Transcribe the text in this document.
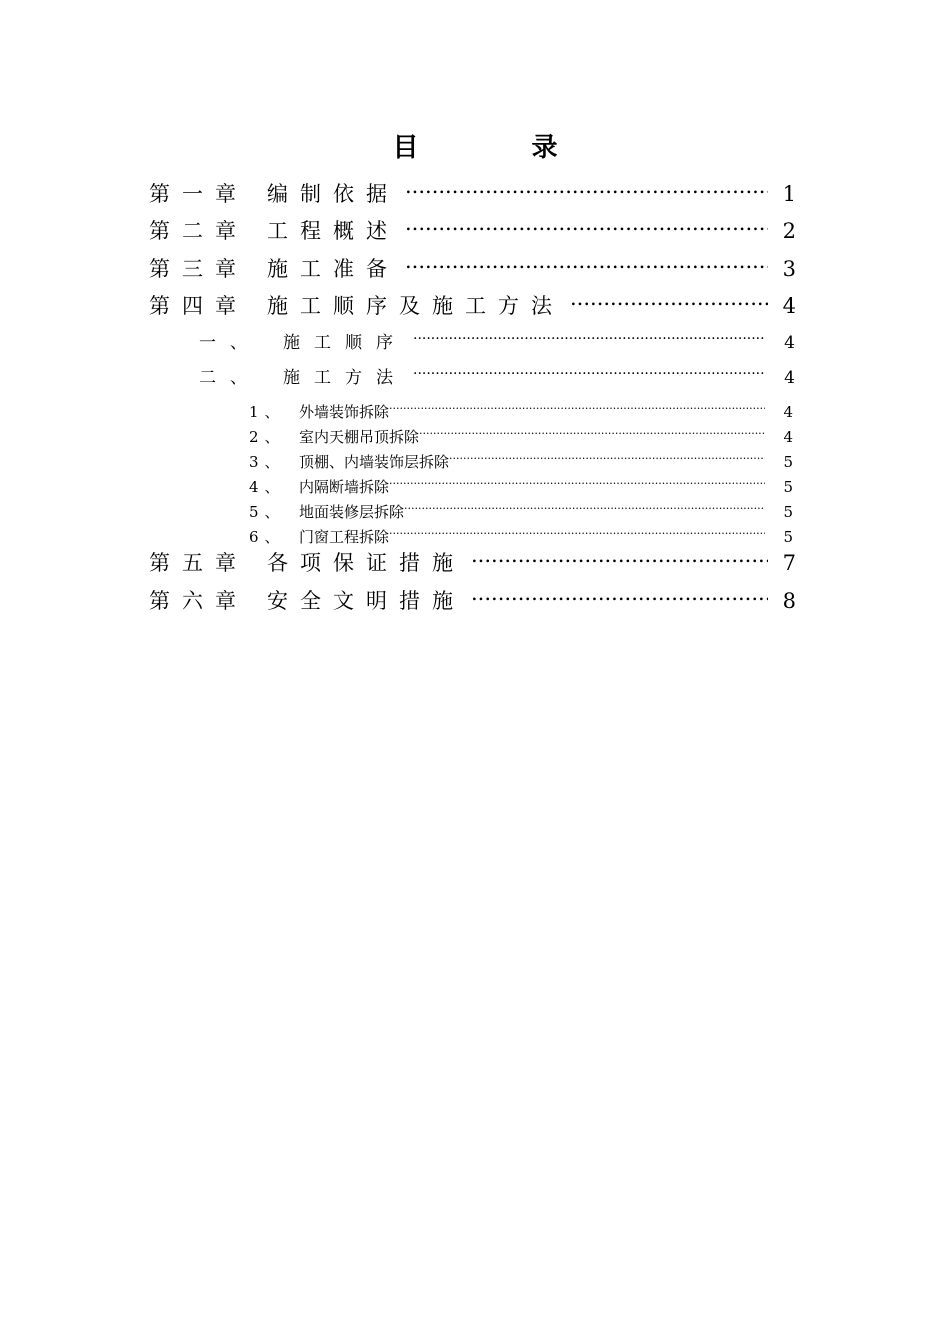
目 录
第一章 编制依据 .....	1
第二章 工程概述 .....	2
第三章 施工准备 .....	3
第四章 施工顺序及施工方法 .....	4
一、	施工顺序 .....	4
二、	施工方法 .....	4
1、 外墙装饰拆除 .....	4
2、 室内天棚吊顶拆除 .....	4
3、 顶棚、内墙装饰层拆除 .....	5
4、 内隔断墙拆除 .....	5
5、 地面装修层拆除 .....	5
6、 门窗工程拆除 .....	5
第五章 各项保证措施 .....	7
第六章 安全文明措施 .....	8
